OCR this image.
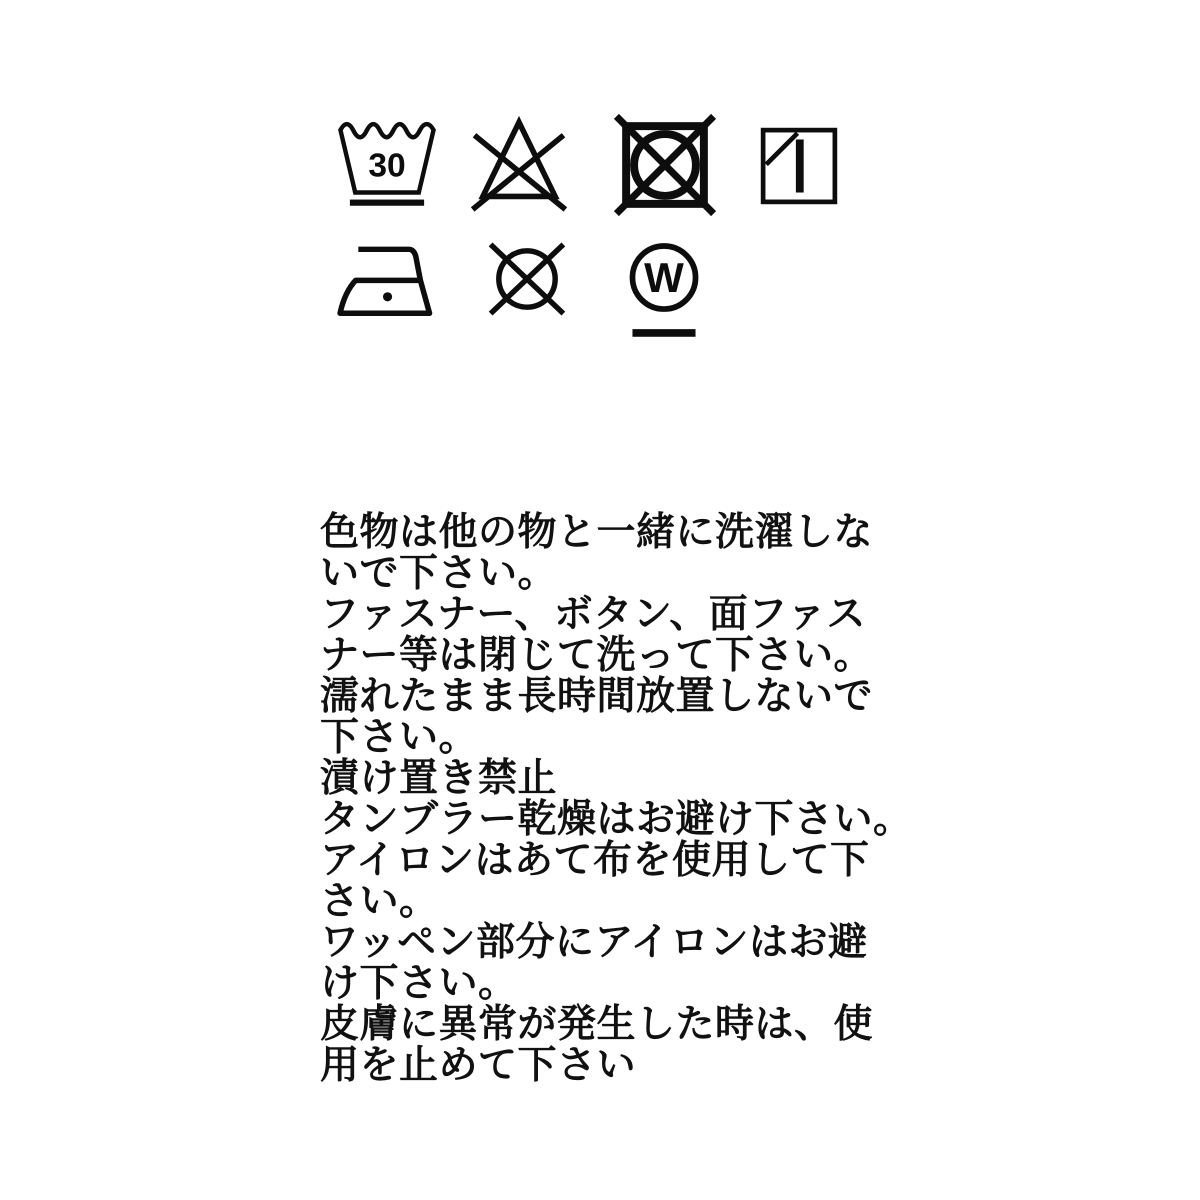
30
W
色物は他の物と一緒に洗濯しな
いで下さい。
ファスナー、ボタン、面ファス
ナー等は閉じて洗って下さい。
濡れたまま長時間放置しないで
下さい。
漬け置き禁止
タンブラー乾燥はお避け下さい。
アイロンはあて布を使用して下
さい。
ワッペン部分にアイロンはお避
け下さい。
皮膚に異常が発生した時は、使
用を止めて下さい
